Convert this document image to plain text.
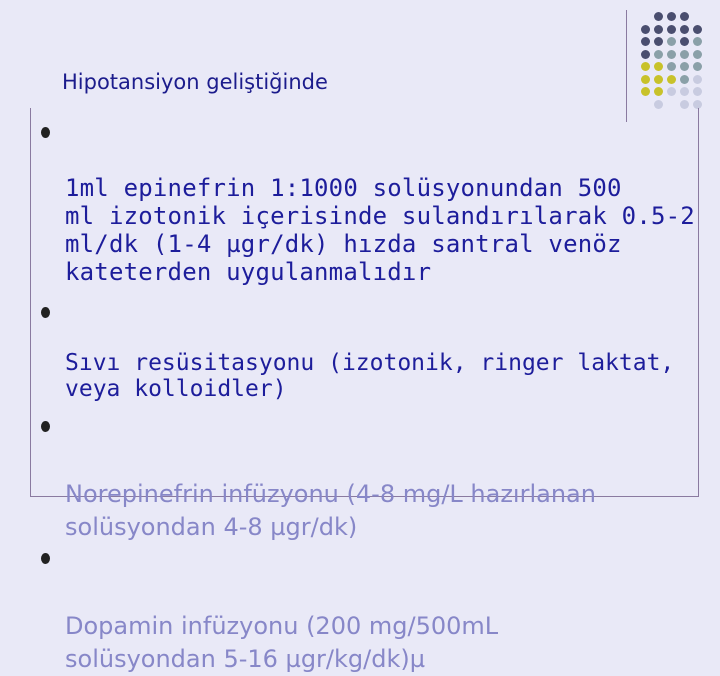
Hipotansiyon geliştiğinde

1ml epinefrin 1:1000 solüsyonundan 500
ml izotonik içerisinde sulandırılarak 0.5-2
ml/dk (1-4 µgr/dk) hızda santral venöz
kateterden uygulanmalıdır

Sıvı resüsitasyonu (izotonik, ringer laktat,
veya kolloidler)

Norepinefrin infüzyonu (4-8 mg/L hazırlanan
solüsyondan 4-8 µgr/dk)

Dopamin infüzyonu (200 mg/500mL
solüsyondan 5-16 µgr/kg/dk)µ
